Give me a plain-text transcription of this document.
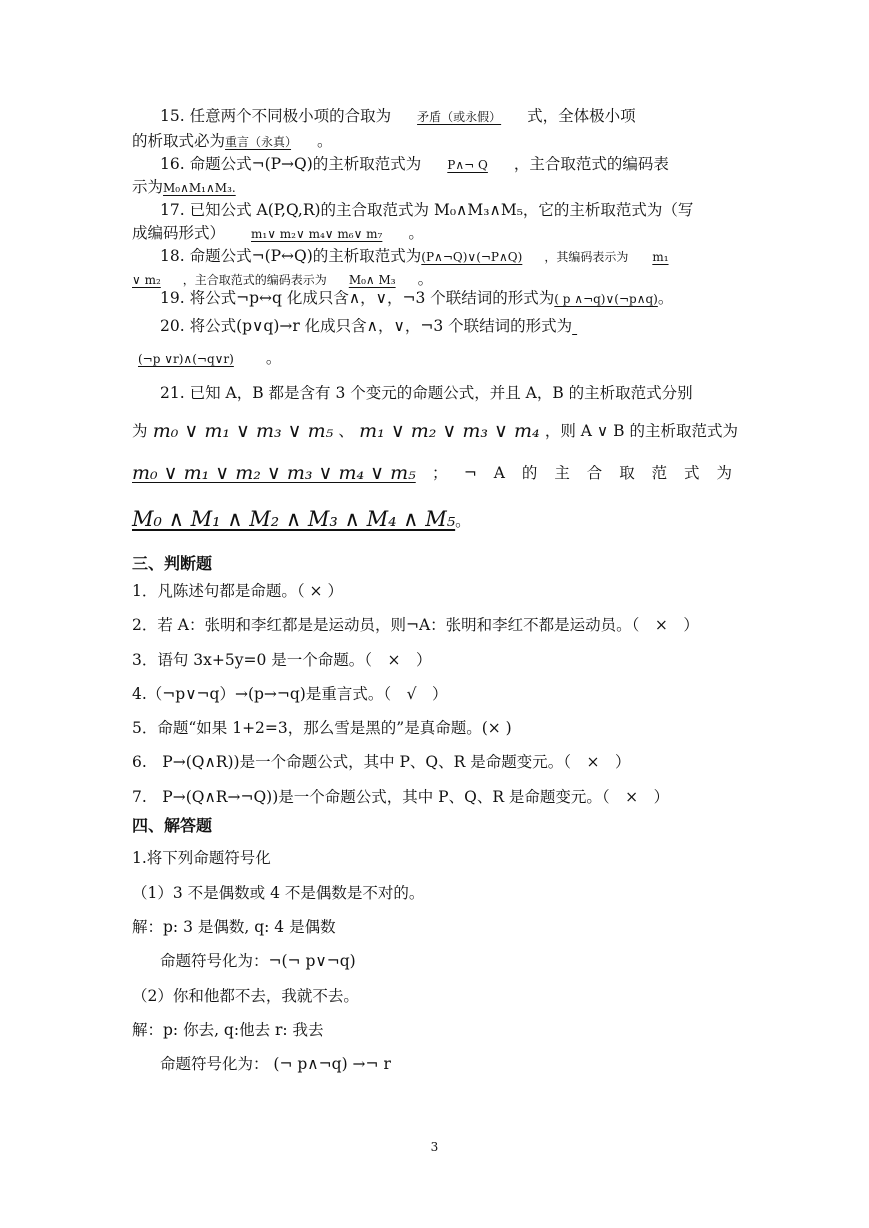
15. 任意两个不同极小项的合取为 矛盾（或永假） 式，全体极小项
的析取式必为重言（永真） 。
16. 命题公式¬(P→Q)的主析取范式为 P∧¬ Q ，主合取范式的编码表
示为M₀∧M₁∧M₃.
17. 已知公式 A(P,Q,R)的主合取范式为 M₀∧M₃∧M₅，它的主析取范式为（写
成编码形式） m₁∨ m₂∨ m₄∨ m₆∨ m₇ 。
18. 命题公式¬(P↔Q)的主析取范式为(P∧¬Q)∨(¬P∧Q) ，其编码表示为 m₁
∨ m₂ ，主合取范式的编码表示为 M₀∧ M₃ 。
19. 将公式¬p↔q 化成只含∧，∨，¬3 个联结词的形式为( p ∧¬q)∨(¬p∧q)。
20. 将公式(p∨q)→r 化成只含∧，∨，¬3 个联结词的形式为
(¬p ∨r)∧(¬q∨r) 。
21. 已知 A，B 都是含有 3 个变元的命题公式，并且 A，B 的主析取范式分别
为 m₀ ∨ m₁ ∨ m₃ ∨ m₅ 、 m₁ ∨ m₂ ∨ m₃ ∨ m₄ ，则 A ∨ B 的主析取范式为
m₀ ∨ m₁ ∨ m₂ ∨ m₃ ∨ m₄ ∨ m₅ ； ¬ A 的 主 合 取 范 式 为
M₀ ∧ M₁ ∧ M₂ ∧ M₃ ∧ M₄ ∧ M₅。
三、判断题
1．凡陈述句都是命题。（ × ）
2．若 A：张明和李红都是是运动员，则¬A：张明和李红不都是运动员。（　×　）
3．语句 3x+5y=0 是一个命题。（　×　）
4.（¬p∨¬q）→(p→¬q)是重言式。（　√　）
5．命题“如果 1+2=3，那么雪是黑的”是真命题。(× )
6.　P→(Q∧R))是一个命题公式，其中 P、Q、R 是命题变元。（　×　）
7.　P→(Q∧R→¬Q))是一个命题公式，其中 P、Q、R 是命题变元。（　×　）
四、解答题
1.将下列命题符号化
（1）3 不是偶数或 4 不是偶数是不对的。
解：p: 3 是偶数, q: 4 是偶数
命题符号化为：¬(¬ p∨¬q)
（2）你和他都不去，我就不去。
解：p: 你去, q:他去 r: 我去
命题符号化为： (¬ p∧¬q) →¬ r
3
